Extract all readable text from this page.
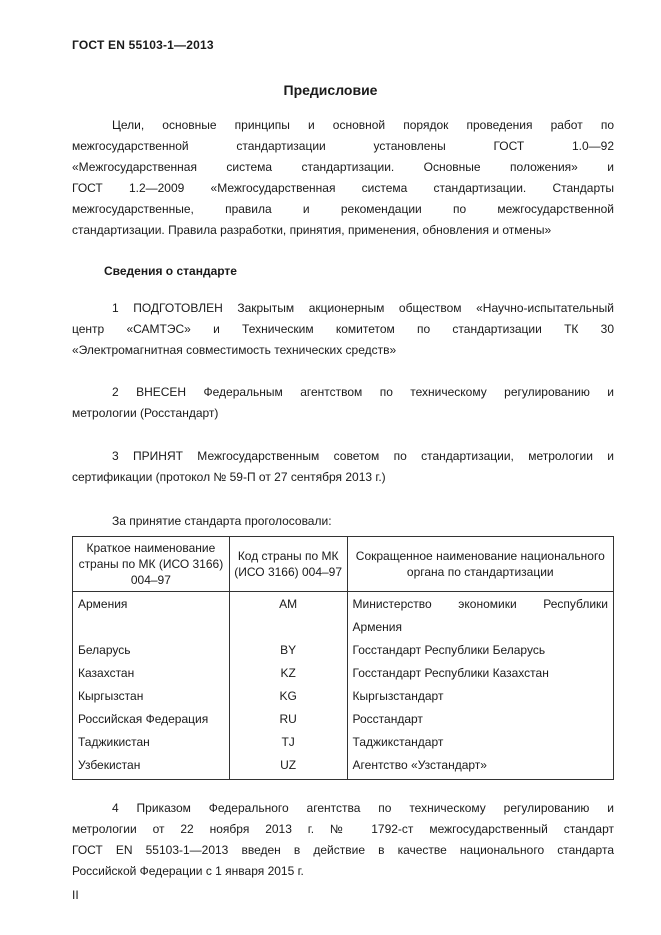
ГОСТ EN 55103-1—2013
Предисловие
Цели, основные принципы и основной порядок проведения работ по
межгосударственной стандартизации установлены ГОСТ 1.0—92
«Межгосударственная система стандартизации. Основные положения» и
ГОСТ 1.2—2009 «Межгосударственная система стандартизации. Стандарты
межгосударственные, правила и рекомендации по межгосударственной
стандартизации. Правила разработки, принятия, применения, обновления и отмены»
Сведения о стандарте
1 ПОДГОТОВЛЕН Закрытым акционерным обществом «Научно-испытательный
центр «САМТЭС» и Техническим комитетом по стандартизации ТК 30
«Электромагнитная совместимость технических средств»
2 ВНЕСЕН Федеральным агентством по техническому регулированию и
метрологии (Росстандарт)
3 ПРИНЯТ Межгосударственным советом по стандартизации, метрологии и
сертификации (протокол № 59-П от 27 сентября 2013 г.)
За принятие стандарта проголосовали:
Краткое наименование страны по МК (ИСО 3166) 004–97	Код страны по МК (ИСО 3166) 004–97	Сокращенное наименование национального органа по стандартизации
Армения	AM	Министерство экономики Республики
Армения

Беларусь	BY	Госстандарт Республики Беларусь
Казахстан	KZ	Госстандарт Республики Казахстан
Кыргызстан	KG	Кыргызстандарт
Российская Федерация	RU	Росстандарт
Таджикистан	TJ	Таджикстандарт
Узбекистан	UZ	Агентство «Узстандарт»
4 Приказом Федерального агентства по техническому регулированию и
метрологии от 22 ноября 2013 г. № 1792-ст межгосударственный стандарт
ГОСТ EN 55103-1—2013 введен в действие в качестве национального стандарта
Российской Федерации с 1 января 2015 г.
II
